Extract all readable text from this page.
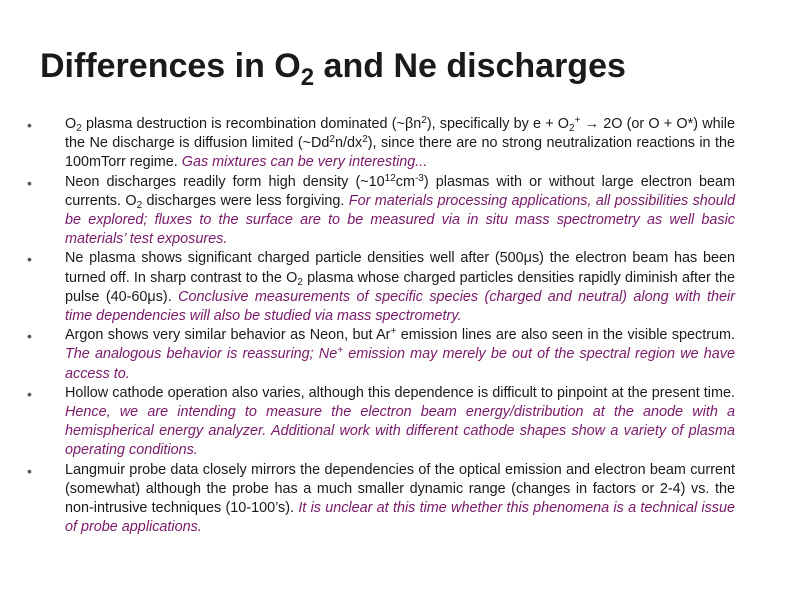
Differences in $O_2$ and Ne discharges
• $O_2$ plasma destruction is recombination dominated $(\sim\beta n^2)$, specifically by $e + O_2^+ \to 2O$ (or O + O*) while the Ne discharge is diffusion limited $(\sim Dd^2n/dx^2)$, since there are no strong neutralization reactions in the 100mTorr regime. Gas mixtures can be very interesting...
• Neon discharges readily form high density $(\sim 10^{12}cm^{-3})$ plasmas with or without large electron beam currents. $O_2$ discharges were less forgiving. For materials processing applications, all possibilities should be explored; fluxes to the surface are to be measured via in situ mass spectrometry as well basic materials’ test exposures.
• Ne plasma shows significant charged particle densities well after (500μs) the electron beam has been turned off. In sharp contrast to the $O_2$ plasma whose charged particles densities rapidly diminish after the pulse (40-60μs). Conclusive measurements of specific species (charged and neutral) along with their time dependencies will also be studied via mass spectrometry.
• Argon shows very similar behavior as Neon, but Ar+ emission lines are also seen in the visible spectrum. The analogous behavior is reassuring; Ne+ emission may merely be out of the spectral region we have access to.
• Hollow cathode operation also varies, although this dependence is difficult to pinpoint at the present time. Hence, we are intending to measure the electron beam energy/distribution at the anode with a hemispherical energy analyzer. Additional work with different cathode shapes show a variety of plasma operating conditions.
• Langmuir probe data closely mirrors the dependencies of the optical emission and electron beam current (somewhat) although the probe has a much smaller dynamic range (changes in factors or 2-4) vs. the non-intrusive techniques (10-100’s). It is unclear at this time whether this phenomena is a technical issue of probe applications.
